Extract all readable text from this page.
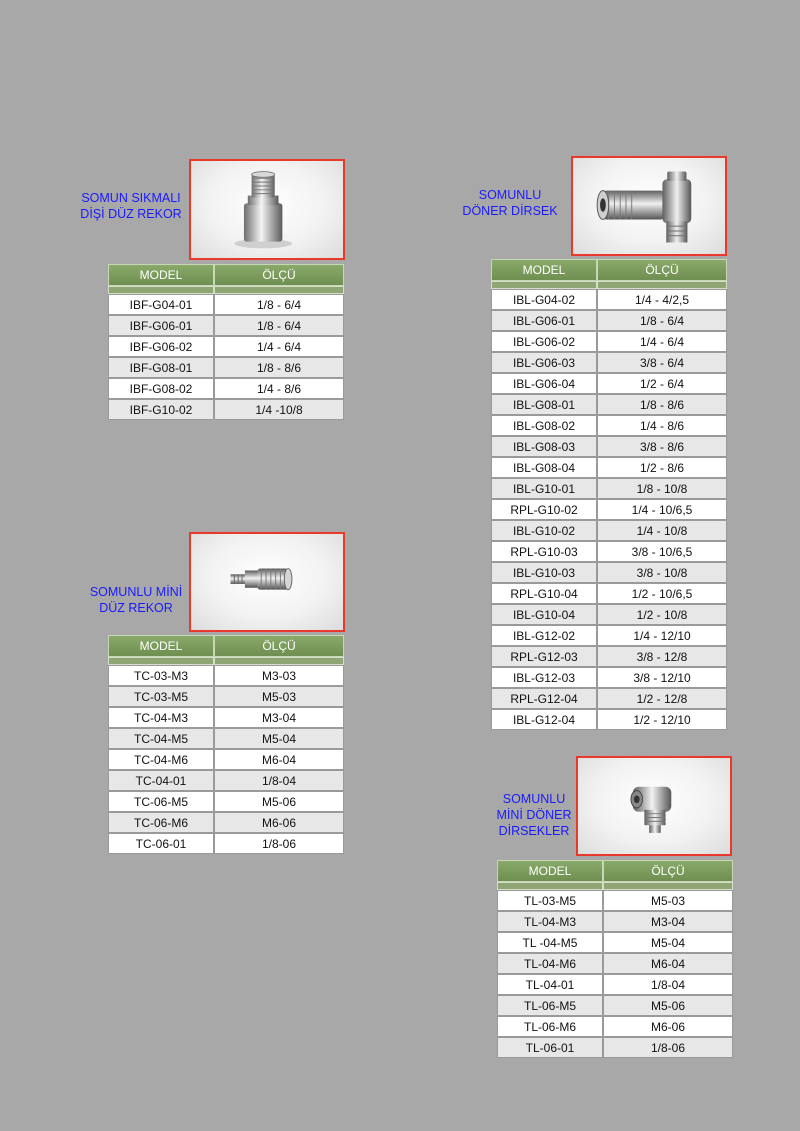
SOMUN SIKMALI
DİŞİ DÜZ REKOR
MODEL	ÖLÇÜ

IBF-G04-01	1/8 - 6/4
IBF-G06-01	1/8 - 6/4
IBF-G06-02	1/4 - 6/4
IBF-G08-01	1/8 - 8/6
IBF-G08-02	1/4 - 8/6
IBF-G10-02	1/4 -10/8
SOMUNLU
DÖNER DİRSEK
MODEL	ÖLÇÜ

IBL-G04-02	1/4 - 4/2,5
IBL-G06-01	1/8 - 6/4
IBL-G06-02	1/4 - 6/4
IBL-G06-03	3/8 - 6/4
IBL-G06-04	1/2 - 6/4
IBL-G08-01	1/8 - 8/6
IBL-G08-02	1/4 - 8/6
IBL-G08-03	3/8 - 8/6
IBL-G08-04	1/2 - 8/6
IBL-G10-01	1/8 - 10/8
RPL-G10-02	1/4 - 10/6,5
IBL-G10-02	1/4 - 10/8
RPL-G10-03	3/8 - 10/6,5
IBL-G10-03	3/8 - 10/8
RPL-G10-04	1/2 - 10/6,5
IBL-G10-04	1/2 - 10/8
IBL-G12-02	1/4 - 12/10
RPL-G12-03	3/8 - 12/8
IBL-G12-03	3/8 - 12/10
RPL-G12-04	1/2 - 12/8
IBL-G12-04	1/2 - 12/10
SOMUNLU MİNİ
DÜZ REKOR
MODEL	ÖLÇÜ

TC-03-M3	M3-03
TC-03-M5	M5-03
TC-04-M3	M3-04
TC-04-M5	M5-04
TC-04-M6	M6-04
TC-04-01	1/8-04
TC-06-M5	M5-06
TC-06-M6	M6-06
TC-06-01	1/8-06
SOMUNLU
MİNİ DÖNER
DİRSEKLER
MODEL	ÖLÇÜ

TL-03-M5	M5-03
TL-04-M3	M3-04
TL -04-M5	M5-04
TL-04-M6	M6-04
TL-04-01	1/8-04
TL-06-M5	M5-06
TL-06-M6	M6-06
TL-06-01	1/8-06
